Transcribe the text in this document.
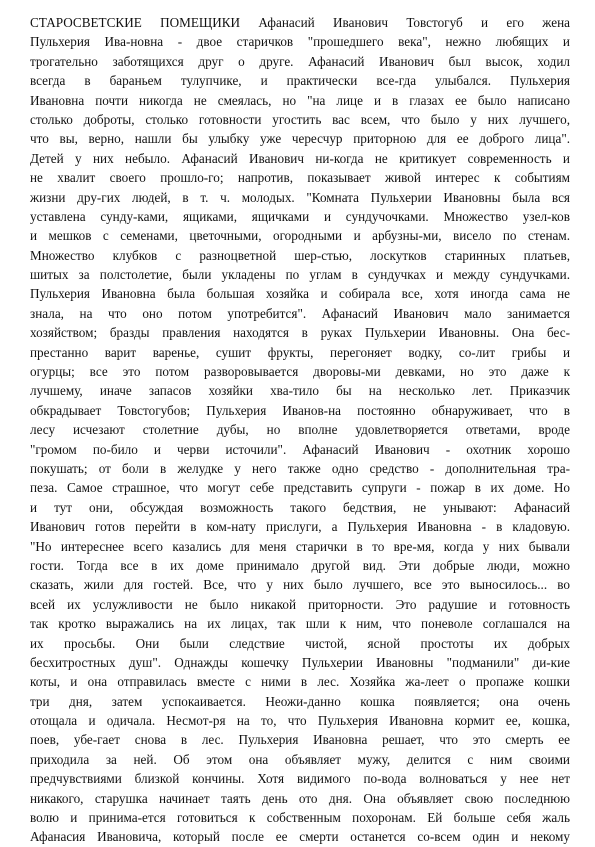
СТАРОСВЕТСКИЕ ПОМЕЩИКИ Афанасий Иванович Товстогуб и его жена
Пульхерия Ива-новна - двое старичков "прошедшего века", нежно любящих и
трогательно заботящихся друг о друге. Афанасий Иванович был высок, ходил
всегда в бараньем тулупчике, и практически все-гда улыбался. Пульхерия
Ивановна почти никогда не смеялась, но "на лице и в глазах ее было написано
столько доброты, столько готовности угостить вас всем, что было у них лучшего,
что вы, верно, нашли бы улыбку уже чересчур приторною для ее доброго лица".
Детей у них небыло. Афанасий Иванович ни-когда не критикует современность и
не хвалит своего прошло-го; напротив, показывает живой интерес к событиям
жизни дру-гих людей, в т. ч. молодых. "Комната Пульхерии Ивановны была вся
уставлена сунду-ками, ящиками, ящичками и сундучочками. Множество узел-ков
и мешков с семенами, цветочными, огородными и арбузны-ми, висело по стенам.
Множество клубков с разноцветной шер-стью, лоскутков старинных платьев,
шитых за полстолетие, были укладены по углам в сундучках и между сундучками.
Пульхерия Ивановна была большая хозяйка и собирала все, хотя иногда сама не
знала, на что оно потом употребится". Афанасий Иванович мало занимается
хозяйством; бразды правления находятся в руках Пульхерии Ивановны. Она бес-
престанно варит варенье, сушит фрукты, перегоняет водку, со-лит грибы и
огурцы; все это потом разворовывается дворовы-ми девками, но это даже к
лучшему, иначе запасов хозяйки хва-тило бы на несколько лет. Приказчик
обкрадывает Товстогубов; Пульхерия Иванов-на постоянно обнаруживает, что в
лесу исчезают столетние дубы, но вполне удовлетворяется ответами, вроде
"громом по-било и черви источили". Афанасий Иванович - охотник хорошо
покушать; от боли в желудке у него также одно средство - дополнительная тра-
пеза. Самое страшное, что могут себе представить супруги - пожар в их доме. Но
и тут они, обсуждая возможность такого бедствия, не унывают: Афанасий
Иванович готов перейти в ком-нату прислуги, а Пульхерия Ивановна - в кладовую.
"Но интереснее всего казались для меня старички в то вре-мя, когда у них бывали
гости. Тогда все в их доме принимало другой вид. Эти добрые люди, можно
сказать, жили для гостей. Все, что у них было лучшего, все это выносилось... во
всей их услужливости не было никакой приторности. Это радушие и готовность
так кротко выражались на их лицах, так шли к ним, что поневоле соглашался на
их просьбы. Они были следствие чистой, ясной простоты их добрых
бесхитростных душ". Однажды кошечку Пульхерии Ивановны "подманили" ди-кие
коты, и она отправилась вместе с ними в лес. Хозяйка жа-леет о пропаже кошки
три дня, затем успокаивается. Неожи-данно кошка появляется; она очень
отощала и одичала. Несмот-ря на то, что Пульхерия Ивановна кормит ее, кошка,
поев, убе-гает снова в лес. Пульхерия Ивановна решает, что это смерть ее
приходила за ней. Об этом она объявляет мужу, делится с ним своими
предчувствиями близкой кончины. Хотя видимого по-вода волноваться у нее нет
никакого, старушка начинает таять день ото дня. Она объявляет свою последнюю
волю и принима-ется готовиться к собственным похоронам. Ей больше себя жаль
Афанасия Ивановича, который после ее смерти останется со-всем один и некому
